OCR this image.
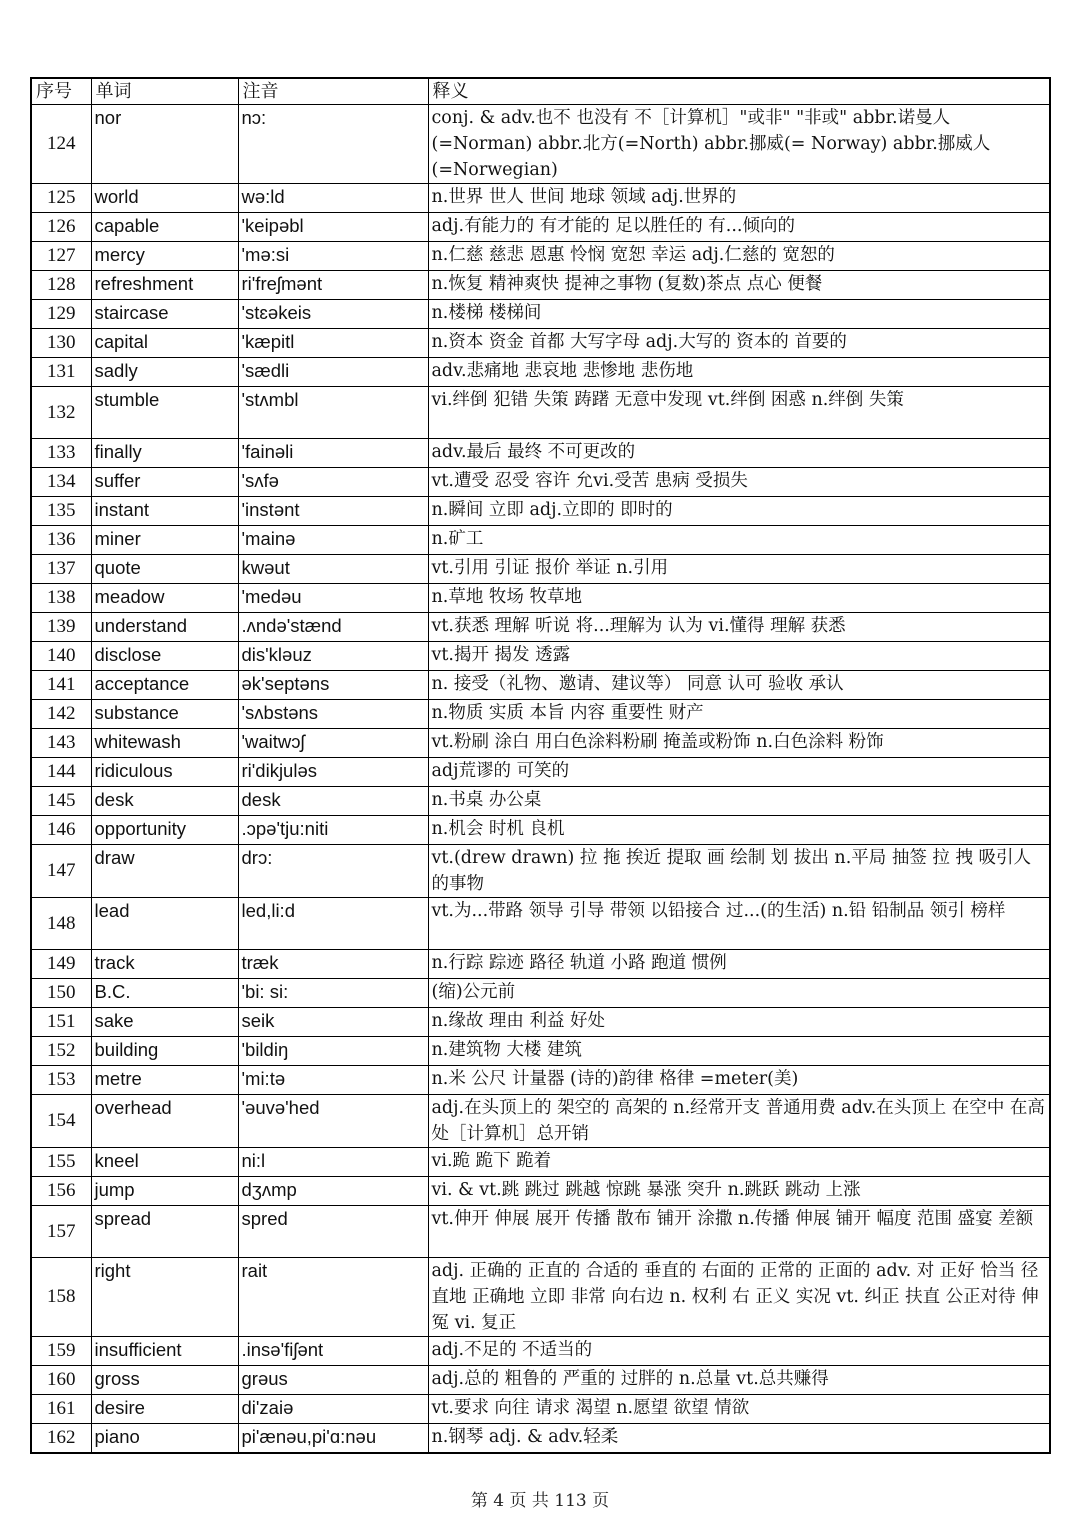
序号	单词	注音	释义
124	nor	nɔ:	conj. & adv.也不 也没有 不［计算机］"或非" "非或" abbr.诺曼人(=Norman) abbr.北方(=North) abbr.挪威(= Norway) abbr.挪威人(=Norwegian)
125	world	wə:ld	n.世界 世人 世间 地球 领域 adj.世界的
126	capable	'keipəbl	adj.有能力的 有才能的 足以胜任的 有...倾向的
127	mercy	'mə:si	n.仁慈 慈悲 恩惠 怜悯 宽恕 幸运 adj.仁慈的 宽恕的
128	refreshment	ri'freʃmənt	n.恢复 精神爽快 提神之事物 (复数)茶点 点心 便餐
129	staircase	'stɛəkeis	n.楼梯 楼梯间
130	capital	'kæpitl	n.资本 资金 首都 大写字母 adj.大写的 资本的 首要的
131	sadly	'sædli	adv.悲痛地 悲哀地 悲惨地 悲伤地
132	stumble	'stʌmbl	vi.绊倒 犯错 失策 踌躇 无意中发现 vt.绊倒 困惑 n.绊倒 失策
133	finally	'fainəli	adv.最后 最终 不可更改的
134	suffer	'sʌfə	vt.遭受 忍受 容许 允vi.受苦 患病 受损失
135	instant	'instənt	n.瞬间 立即 adj.立即的 即时的
136	miner	'mainə	n.矿工
137	quote	kwəut	vt.引用 引证 报价 举证 n.引用
138	meadow	'medəu	n.草地 牧场 牧草地
139	understand	.ʌndə'stænd	vt.获悉 理解 听说 将...理解为 认为 vi.懂得 理解 获悉
140	disclose	dis'kləuz	vt.揭开 揭发 透露
141	acceptance	ək'septəns	n. 接受（礼物、邀请、建议等） 同意 认可 验收 承认
142	substance	'sʌbstəns	n.物质 实质 本旨 内容 重要性 财产
143	whitewash	'waitwɔʃ	vt.粉刷 涂白 用白色涂料粉刷 掩盖或粉饰 n.白色涂料 粉饰
144	ridiculous	ri'dikjuləs	adj荒谬的 可笑的
145	desk	desk	n.书桌 办公桌
146	opportunity	.ɔpə'tju:niti	n.机会 时机 良机
147	draw	drɔ:	vt.(drew drawn) 拉 拖 挨近 提取 画 绘制 划 拔出 n.平局 抽签 拉 拽 吸引人的事物
148	lead	led,li:d	vt.为...带路 领导 引导 带领 以铅接合 过...(的生活) n.铅 铅制品 领引 榜样
149	track	træk	n.行踪 踪迹 路径 轨道 小路 跑道 惯例
150	B.C.	'bi: si:	(缩)公元前
151	sake	seik	n.缘故 理由 利益 好处
152	building	'bildiŋ	n.建筑物 大楼 建筑
153	metre	'mi:tə	n.米 公尺 计量器 (诗的)韵律 格律 =meter(美)
154	overhead	'əuvə'hed	adj.在头顶上的 架空的 高架的 n.经常开支 普通用费 adv.在头顶上 在空中 在高处［计算机］总开销
155	kneel	ni:l	vi.跪 跪下 跪着
156	jump	dʒʌmp	vi. & vt.跳 跳过 跳越 惊跳 暴涨 突升 n.跳跃 跳动 上涨
157	spread	spred	vt.伸开 伸展 展开 传播 散布 铺开 涂撒 n.传播 伸展 铺开 幅度 范围 盛宴 差额
158	right	rait	adj. 正确的 正直的 合适的 垂直的 右面的 正常的 正面的 adv. 对 正好 恰当 径直地 正确地 立即 非常 向右边 n. 权利 右 正义 实况 vt. 纠正 扶直 公正对待 伸冤 vi. 复正
159	insufficient	.insə'fiʃənt	adj.不足的 不适当的
160	gross	grəus	adj.总的 粗鲁的 严重的 过胖的 n.总量 vt.总共赚得
161	desire	di'zaiə	vt.要求 向往 请求 渴望 n.愿望 欲望 情欲
162	piano	pi'ænəu,pi'ɑ:nəu	n.钢琴 adj. & adv.轻柔
第 4 页 共 113 页
